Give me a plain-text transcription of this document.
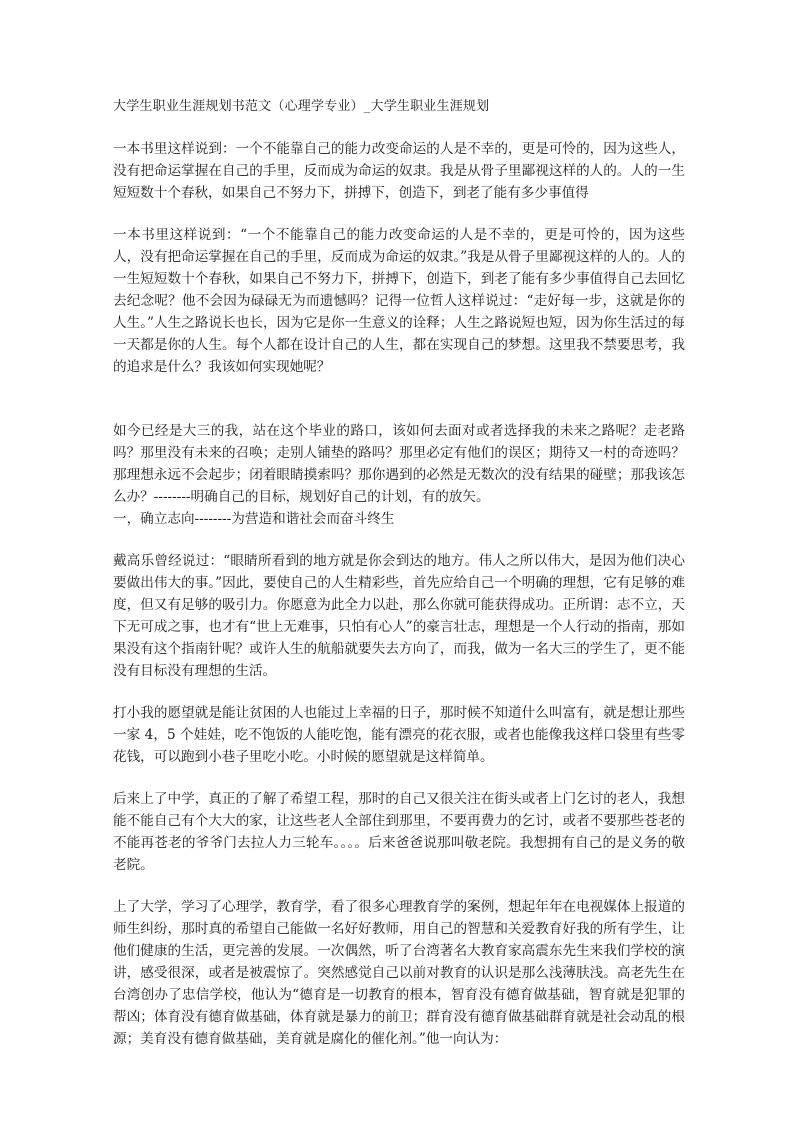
大学生职业生涯规划书范文（心理学专业）_大学生职业生涯规划

一本书里这样说到：一个不能靠自己的能力改变命运的人是不幸的，更是可怜的，因为这些人，没有把命运掌握在自己的手里，反而成为命运的奴隶。我是从骨子里鄙视这样的人的。人的一生短短数十个春秋，如果自己不努力下，拼搏下，创造下，到老了能有多少事值得

一本书里这样说到：“一个不能靠自己的能力改变命运的人是不幸的，更是可怜的，因为这些人，没有把命运掌握在自己的手里，反而成为命运的奴隶。”我是从骨子里鄙视这样的人的。人的一生短短数十个春秋，如果自己不努力下，拼搏下，创造下，到老了能有多少事值得自己去回忆去纪念呢？他不会因为碌碌无为而遗憾吗？记得一位哲人这样说过：“走好每一步，这就是你的人生。”人生之路说长也长，因为它是你一生意义的诠释；人生之路说短也短，因为你生活过的每一天都是你的人生。每个人都在设计自己的人生，都在实现自己的梦想。这里我不禁要思考，我的追求是什么？我该如何实现她呢？

如今已经是大三的我，站在这个毕业的路口，该如何去面对或者选择我的未来之路呢？走老路吗？那里没有未来的召唤；走别人铺垫的路吗？那里必定有他们的误区；期待又一村的奇迹吗？那理想永远不会起步；闭着眼睛摸索吗？那你遇到的必然是无数次的没有结果的碰壁；那我该怎么办？--------明确自己的目标，规划好自己的计划，有的放矢。

一，确立志向--------为营造和谐社会而奋斗终生

戴高乐曾经说过：“眼睛所看到的地方就是你会到达的地方。伟人之所以伟大，是因为他们决心要做出伟大的事。”因此，要使自己的人生精彩些，首先应给自己一个明确的理想，它有足够的难度，但又有足够的吸引力。你愿意为此全力以赴，那么你就可能获得成功。正所谓：志不立，天下无可成之事，也才有“世上无难事，只怕有心人”的豪言壮志，理想是一个人行动的指南，那如果没有这个指南针呢？或许人生的航船就要失去方向了，而我，做为一名大三的学生了，更不能没有目标没有理想的生活。

打小我的愿望就是能让贫困的人也能过上幸福的日子，那时候不知道什么叫富有，就是想让那些一家 4，5 个娃娃，吃不饱饭的人能吃饱，能有漂亮的花衣服，或者也能像我这样口袋里有些零花钱，可以跑到小巷子里吃小吃。小时候的愿望就是这样简单。

后来上了中学，真正的了解了希望工程，那时的自己又很关注在街头或者上门乞讨的老人，我想能不能自己有个大大的家，让这些老人全部住到那里，不要再费力的乞讨，或者不要那些苍老的不能再苍老的爷爷门去拉人力三轮车。。。。后来爸爸说那叫敬老院。我想拥有自己的是义务的敬老院。

上了大学，学习了心理学，教育学，看了很多心理教育学的案例，想起年年在电视媒体上报道的师生纠纷，那时真的希望自己能做一名好好教师，用自己的智慧和关爱教育好我的所有学生，让他们健康的生活，更完善的发展。一次偶然，听了台湾著名大教育家高震东先生来我们学校的演讲，感受很深，或者是被震惊了。突然感觉自己以前对教育的认识是那么浅薄肤浅。高老先生在台湾创办了忠信学校，他认为“德育是一切教育的根本，智育没有德育做基础，智育就是犯罪的帮凶；体育没有德育做基础，体育就是暴力的前卫；群育没有德育做基础群育就是社会动乱的根源；美育没有德育做基础，美育就是腐化的催化剂。”他一向认为：
